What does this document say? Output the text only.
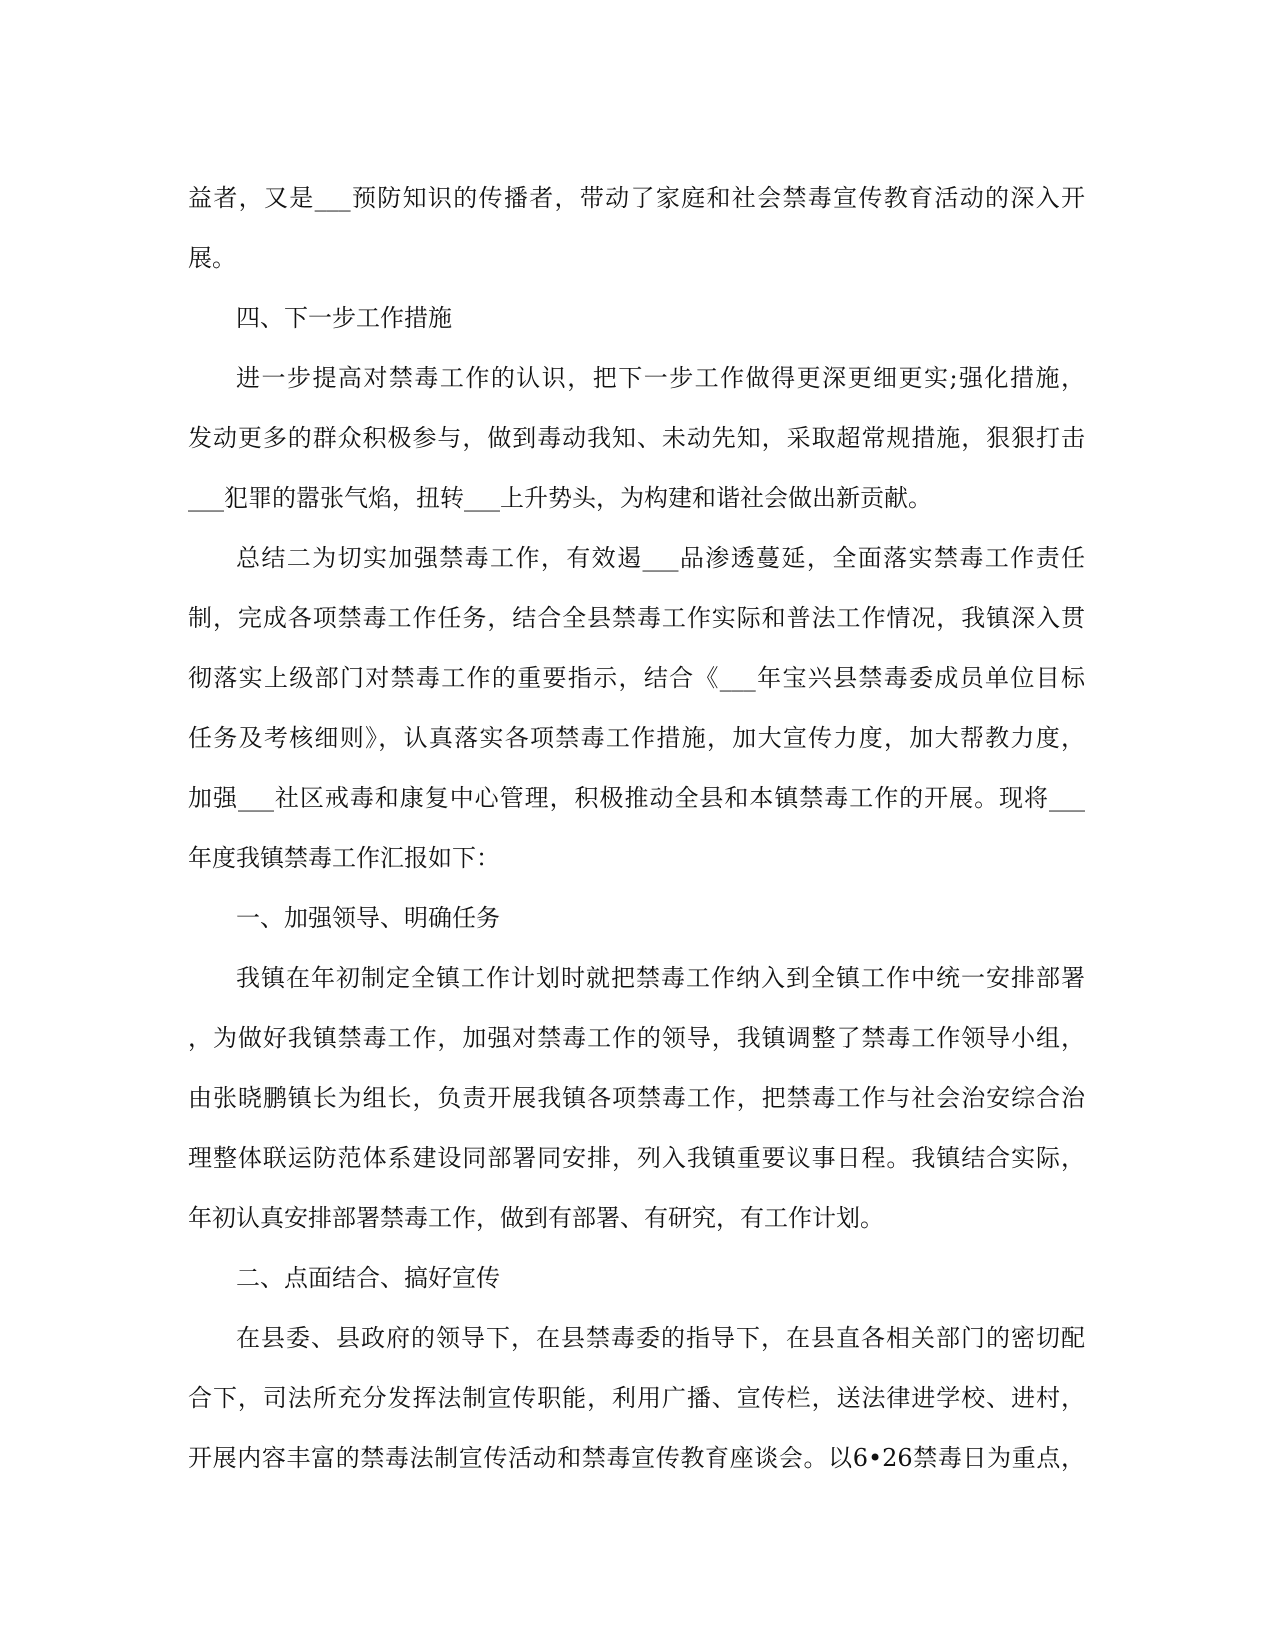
益者，又是___预防知识的传播者，带动了家庭和社会禁毒宣传教育活动的深入开
展。
四、下一步工作措施
进一步提高对禁毒工作的认识，把下一步工作做得更深更细更实;强化措施，
发动更多的群众积极参与，做到毒动我知、未动先知，采取超常规措施，狠狠打击
___犯罪的嚣张气焰，扭转___上升势头，为构建和谐社会做出新贡献。
总结二为切实加强禁毒工作，有效遏___品渗透蔓延，全面落实禁毒工作责任
制，完成各项禁毒工作任务，结合全县禁毒工作实际和普法工作情况，我镇深入贯
彻落实上级部门对禁毒工作的重要指示，结合《___年宝兴县禁毒委成员单位目标
任务及考核细则》，认真落实各项禁毒工作措施，加大宣传力度，加大帮教力度，
加强___社区戒毒和康复中心管理，积极推动全县和本镇禁毒工作的开展。现将___
年度我镇禁毒工作汇报如下：
一、加强领导、明确任务
我镇在年初制定全镇工作计划时就把禁毒工作纳入到全镇工作中统一安排部署
，为做好我镇禁毒工作，加强对禁毒工作的领导，我镇调整了禁毒工作领导小组，
由张晓鹏镇长为组长，负责开展我镇各项禁毒工作，把禁毒工作与社会治安综合治
理整体联运防范体系建设同部署同安排，列入我镇重要议事日程。我镇结合实际，
年初认真安排部署禁毒工作，做到有部署、有研究，有工作计划。
二、点面结合、搞好宣传
在县委、县政府的领导下，在县禁毒委的指导下，在县直各相关部门的密切配
合下，司法所充分发挥法制宣传职能，利用广播、宣传栏，送法律进学校、进村，
开展内容丰富的禁毒法制宣传活动和禁毒宣传教育座谈会。以6•26禁毒日为重点，
